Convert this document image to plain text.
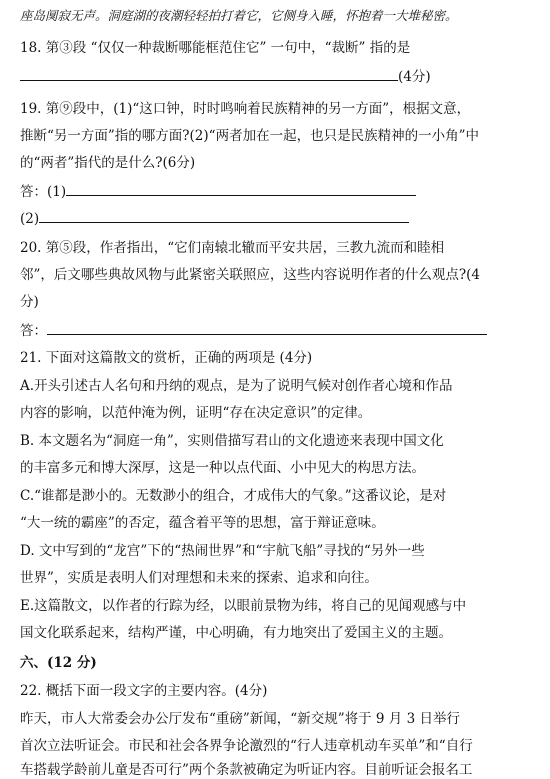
座岛阒寂无声。洞庭湖的夜潮轻轻拍打着它，它侧身入睡，怀抱着一大堆秘密。
18. 第③段 “仅仅一种裁断哪能框范住它” 一句中，“裁断” 指的是
(4分)
19. 第⑨段中，(1)“这口钟，时时鸣响着民族精神的另一方面”，根据文意，
推断“另一方面”指的哪方面?(2)“两者加在一起，也只是民族精神的一小角”中
的“两者”指代的是什么?(6分)
答：(1)
(2)
20. 第⑤段，作者指出，“它们南辕北辙而平安共居，三教九流而和睦相
邻”，后文哪些典故风物与此紧密关联照应，这些内容说明作者的什么观点?(4
分)
答：
21. 下面对这篇散文的赏析，正确的两项是 (4分)
A.开头引述古人名句和丹纳的观点，是为了说明气候对创作者心境和作品
内容的影响，以范仲淹为例，证明“存在决定意识”的定律。
B. 本文题名为“洞庭一角”，实则借描写君山的文化遗迹来表现中国文化
的丰富多元和博大深厚，这是一种以点代面、小中见大的构思方法。
C.“谁都是渺小的。无数渺小的组合，才成伟大的气象。”这番议论，是对
“大一统的霸座”的否定，蕴含着平等的思想，富于辩证意味。
D. 文中写到的“龙宫”下的“热闹世界”和“宇航飞船”寻找的“另外一些
世界”，实质是表明人们对理想和未来的探索、追求和向往。
E.这篇散文，以作者的行踪为经，以眼前景物为纬，将自己的见闻观感与中
国文化联系起来，结构严谨，中心明确，有力地突出了爱国主义的主题。
六、(12 分)
22. 概括下面一段文字的主要内容。(4分)
昨天，市人大常委会办公厅发布“重磅”新闻，“新交规”将于 9 月 3 日举行
首次立法听证会。市民和社会各界争论激烈的“行人违章机动车买单”和“自行
车搭载学龄前儿童是否可行”两个条款被确定为听证内容。目前听证会报名工
